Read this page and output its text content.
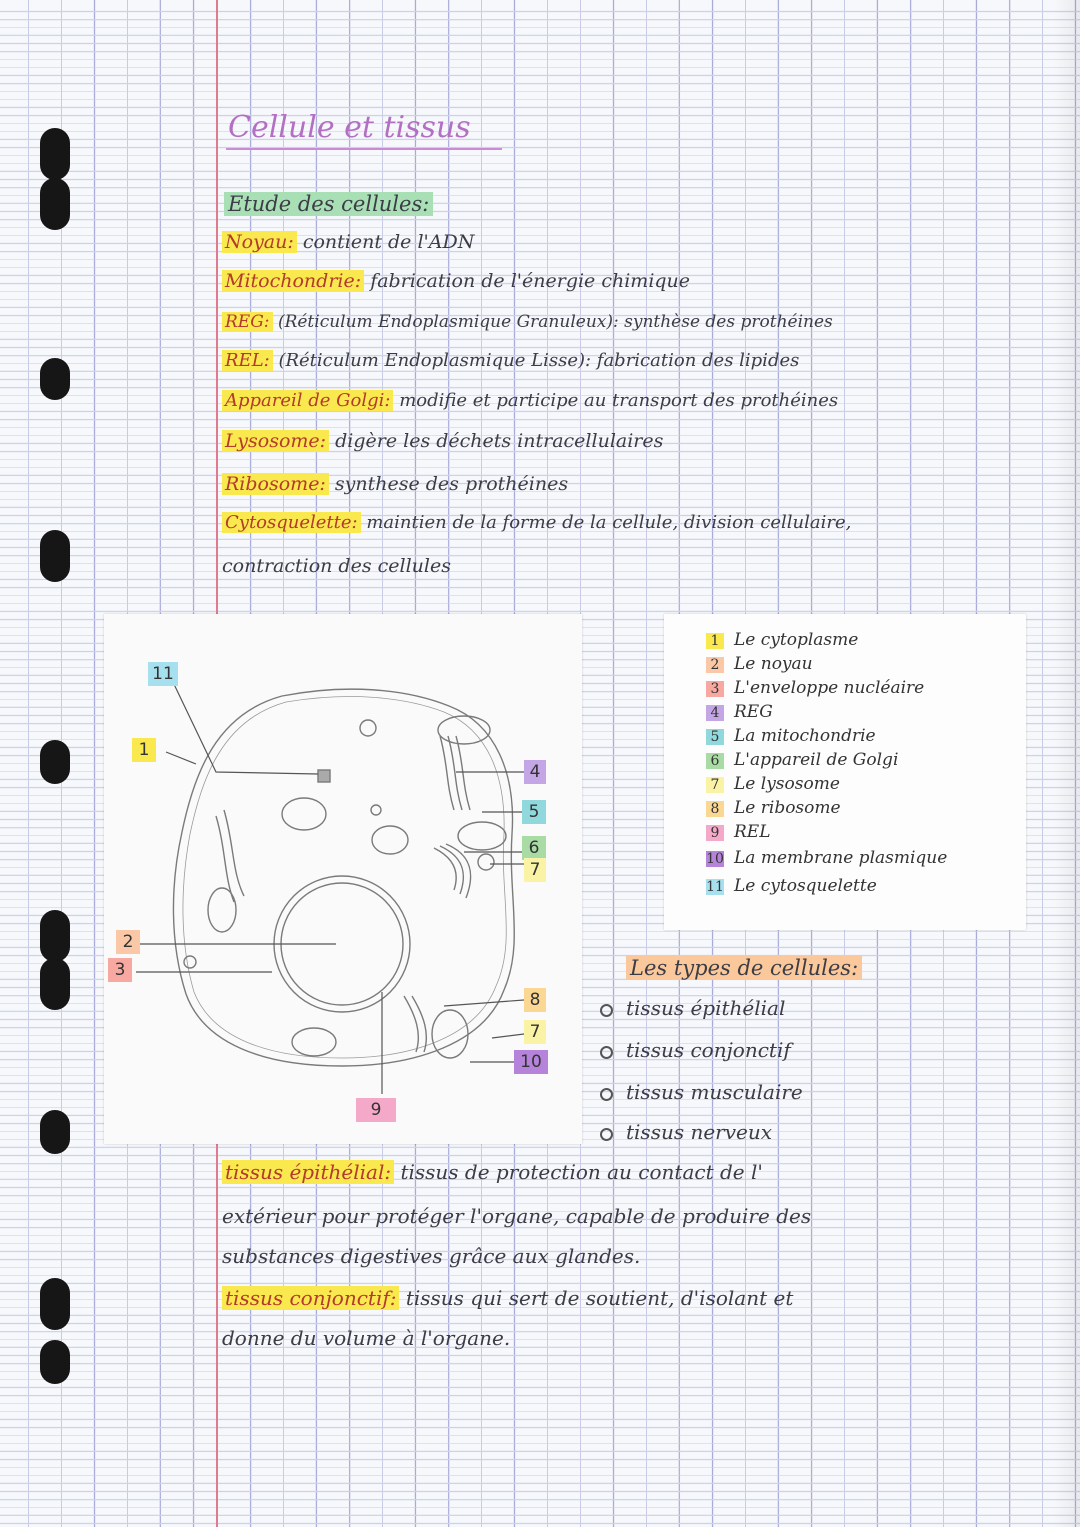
Cellule et tissus
Etude des cellules:
Noyau: contient de l'ADN
Mitochondrie: fabrication de l'énergie chimique
REG: (Réticulum Endoplasmique Granuleux): synthèse des prothéines
REL: (Réticulum Endoplasmique Lisse): fabrication des lipides
Appareil de Golgi: modifie et participe au transport des prothéines
Lysosome: digère les déchets intracellulaires
Ribosome: synthese des prothéines
Cytosquelette: maintien de la forme de la cellule, division cellulaire,
contraction des cellules
11
1
4
5
6
7
2
3
8
7
10
9
1 Le cytoplasme
2 Le noyau
3 L'enveloppe nucléaire
4 REG
5 La mitochondrie
6 L'appareil de Golgi
7 Le lysosome
8 Le ribosome
9 REL
10 La membrane plasmique
11 Le cytosquelette
Les types de cellules:
tissus épithélial
tissus conjonctif
tissus musculaire
tissus nerveux
tissus épithélial: tissus de protection au contact de l'
extérieur pour protéger l'organe, capable de produire des
substances digestives grâce aux glandes.
tissus conjonctif: tissus qui sert de soutient, d'isolant et
donne du volume à l'organe.
